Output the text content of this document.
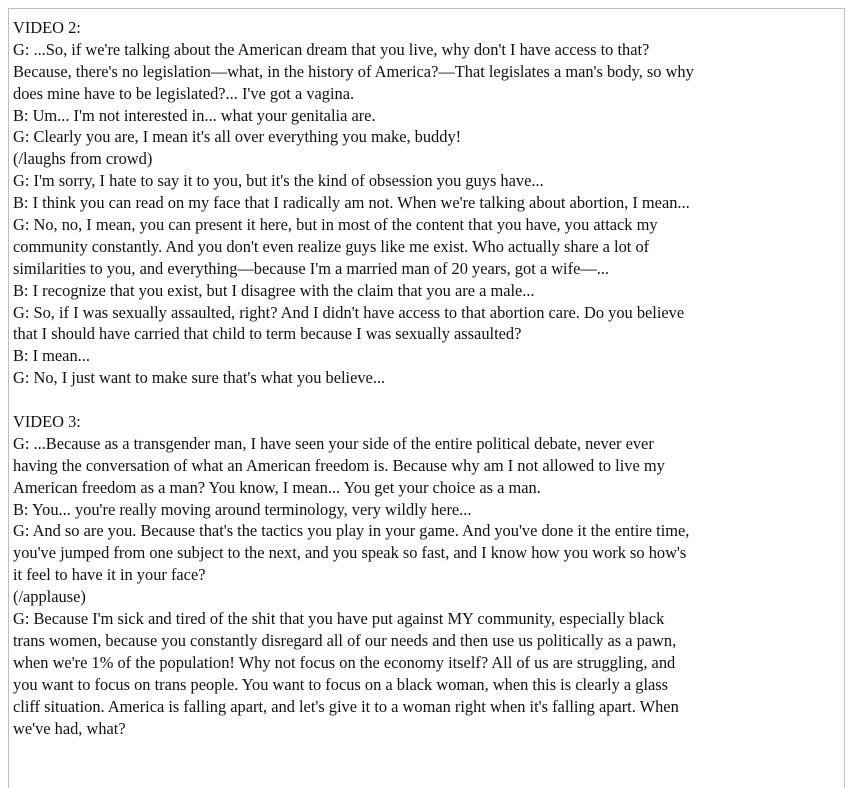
VIDEO 2:
G: ...So, if we're talking about the American dream that you live, why don't I have access to that?
Because, there's no legislation—what, in the history of America?—That legislates a man's body, so why
does mine have to be legislated?... I've got a vagina.
B: Um... I'm not interested in... what your genitalia are.
G: Clearly you are, I mean it's all over everything you make, buddy!
(/laughs from crowd)
G: I'm sorry, I hate to say it to you, but it's the kind of obsession you guys have...
B: I think you can read on my face that I radically am not. When we're talking about abortion, I mean...
G: No, no, I mean, you can present it here, but in most of the content that you have, you attack my
community constantly. And you don't even realize guys like me exist. Who actually share a lot of
similarities to you, and everything—because I'm a married man of 20 years, got a wife—...
B: I recognize that you exist, but I disagree with the claim that you are a male...
G: So, if I was sexually assaulted, right? And I didn't have access to that abortion care. Do you believe
that I should have carried that child to term because I was sexually assaulted?
B: I mean...
G: No, I just want to make sure that's what you believe...
VIDEO 3:
G: ...Because as a transgender man, I have seen your side of the entire political debate, never ever
having the conversation of what an American freedom is. Because why am I not allowed to live my
American freedom as a man? You know, I mean... You get your choice as a man.
B: You... you're really moving around terminology, very wildly here...
G: And so are you. Because that's the tactics you play in your game. And you've done it the entire time,
you've jumped from one subject to the next, and you speak so fast, and I know how you work so how's
it feel to have it in your face?
(/applause)
G: Because I'm sick and tired of the shit that you have put against MY community, especially black
trans women, because you constantly disregard all of our needs and then use us politically as a pawn,
when we're 1% of the population! Why not focus on the economy itself? All of us are struggling, and
you want to focus on trans people. You want to focus on a black woman, when this is clearly a glass
cliff situation. America is falling apart, and let's give it to a woman right when it's falling apart. When
we've had, what?
